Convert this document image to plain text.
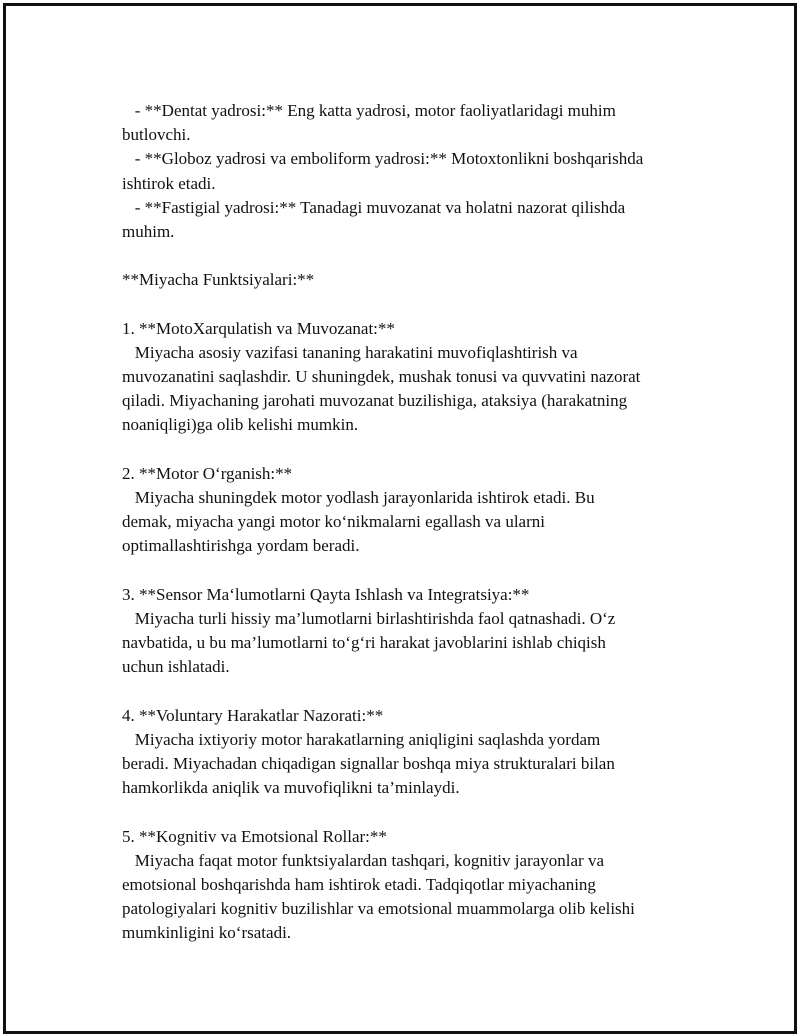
- **Dentat yadrosi:** Eng katta yadrosi, motor faoliyatlaridagi muhim
butlovchi.
- **Globoz yadrosi va emboliform yadrosi:** Motoxtonlikni boshqarishda
ishtirok etadi.
- **Fastigial yadrosi:** Tanadagi muvozanat va holatni nazorat qilishda
muhim.
**Miyacha Funktsiyalari:**
1. **MotoXarqulatish va Muvozanat:**
Miyacha asosiy vazifasi tananing harakatini muvofiqlashtirish va
muvozanatini saqlashdir. U shuningdek, mushak tonusi va quvvatini nazorat
qiladi. Miyachaning jarohati muvozanat buzilishiga, ataksiya (harakatning
noaniqligi)ga olib kelishi mumkin.
2. **Motor O‘rganish:**
Miyacha shuningdek motor yodlash jarayonlarida ishtirok etadi. Bu
demak, miyacha yangi motor ko‘nikmalarni egallash va ularni
optimallashtirishga yordam beradi.
3. **Sensor Ma‘lumotlarni Qayta Ishlash va Integratsiya:**
Miyacha turli hissiy ma’lumotlarni birlashtirishda faol qatnashadi. O‘z
navbatida, u bu ma’lumotlarni to‘g‘ri harakat javoblarini ishlab chiqish
uchun ishlatadi.
4. **Voluntary Harakatlar Nazorati:**
Miyacha ixtiyoriy motor harakatlarning aniqligini saqlashda yordam
beradi. Miyachadan chiqadigan signallar boshqa miya strukturalari bilan
hamkorlikda aniqlik va muvofiqlikni ta’minlaydi.
5. **Kognitiv va Emotsional Rollar:**
Miyacha faqat motor funktsiyalardan tashqari, kognitiv jarayonlar va
emotsional boshqarishda ham ishtirok etadi. Tadqiqotlar miyachaning
patologiyalari kognitiv buzilishlar va emotsional muammolarga olib kelishi
mumkinligini ko‘rsatadi.
